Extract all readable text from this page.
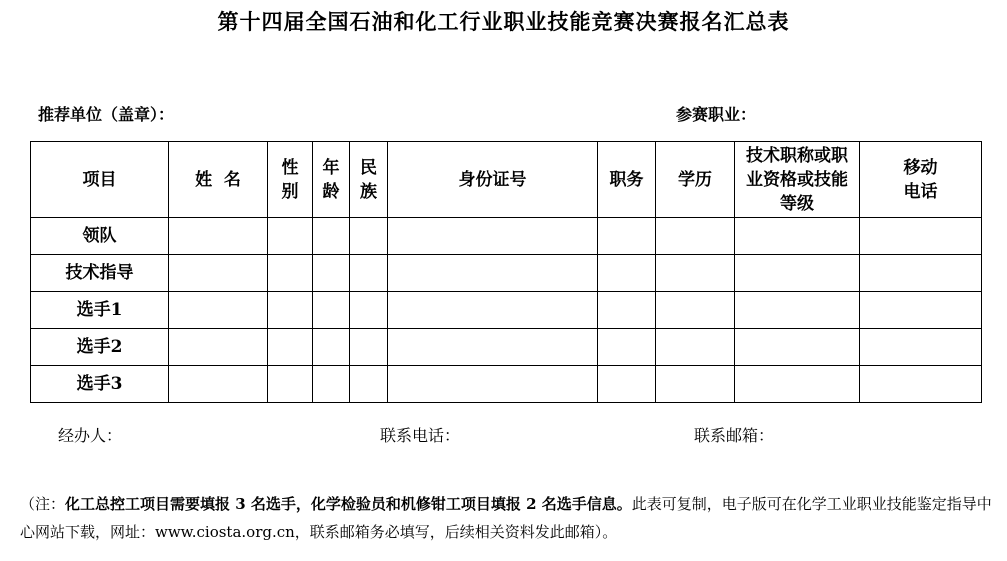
第十四届全国石油和化工行业职业技能竞赛决赛报名汇总表
推荐单位（盖章）：	参赛职业：
项目	姓  名	性别	年龄	民族	身份证号	职务	学历	技术职称或职业资格或技能等级	移动电话
领队									
技术指导									
选手1									
选手2									
选手3									
经办人：	联系电话：	联系邮箱：
（注：化工总控工项目需要填报 3 名选手，化学检验员和机修钳工项目填报 2 名选手信息。此表可复制，电子版可在化学工业职业技能鉴定指导中心网站下载，网址：www.ciosta.org.cn，联系邮箱务必填写，后续相关资料发此邮箱）。
